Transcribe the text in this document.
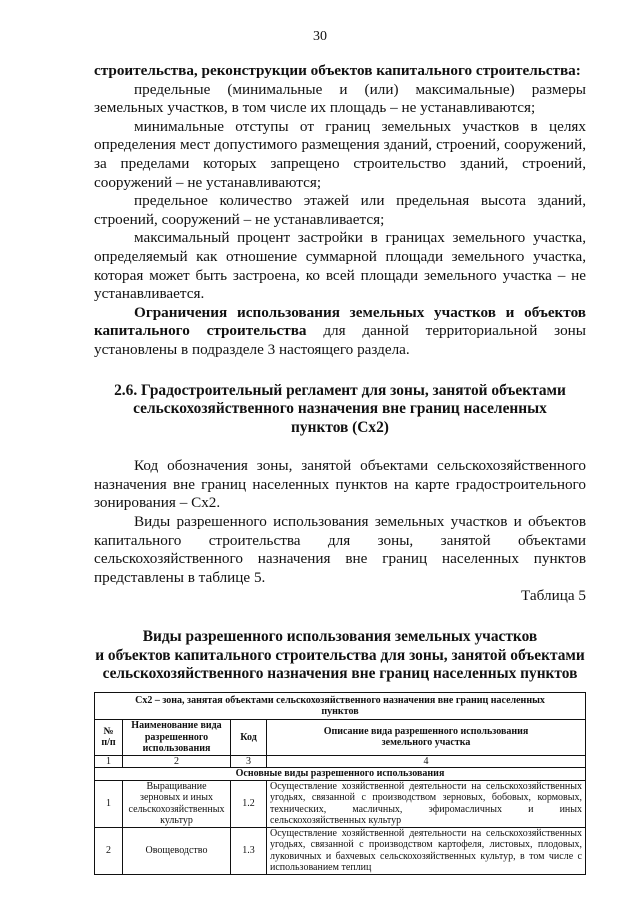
30

строительства, реконструкции объектов капитального строительства:

предельные (минимальные и (или) максимальные) размеры земельных участков, в том числе их площадь – не устанавливаются;

минимальные отступы от границ земельных участков в целях определения мест допустимого размещения зданий, строений, сооружений, за пределами которых запрещено строительство зданий, строений, сооружений – не устанавливаются;

предельное количество этажей или предельная высота зданий, строений, сооружений – не устанавливается;

максимальный процент застройки в границах земельного участка, определяемый как отношение суммарной площади земельного участка, которая может быть застроена, ко всей площади земельного участка – не устанавливается.

Ограничения использования земельных участков и объектов капитального строительства для данной территориальной зоны установлены в подразделе 3 настоящего раздела.

2.6. Градостроительный регламент для зоны, занятой объектами
сельскохозяйственного назначения вне границ населенных
пунктов (Сх2)

Код обозначения зоны, занятой объектами сельскохозяйственного назначения вне границ населенных пунктов на карте градостроительного зонирования – Сх2.

Виды разрешенного использования земельных участков и объектов капитального строительства для зоны, занятой объектами сельскохозяйственного назначения вне границ населенных пунктов представлены в таблице 5.

Таблица 5

Виды разрешенного использования земельных участков
и объектов капитального строительства для зоны, занятой объектами
сельскохозяйственного назначения вне границ населенных пунктов
Сх2 – зона, занятая объектами сельскохозяйственного назначения вне границ населенных пунктов			
№ п/п	Наименование вида разрешенного использования	Код	Описание вида разрешенного использования земельного участка
1	2	3	4
Основные виды разрешенного использования			
1	Выращивание зерновых и иных сельскохозяйственных культур	1.2	Осуществление хозяйственной деятельности на сельскохозяйственных угодьях, связанной с производством зерновых, бобовых, кормовых, технических, масличных, эфиромасличных и иных сельскохозяйственных культур
2	Овощеводство	1.3	Осуществление хозяйственной деятельности на сельскохозяйственных угодьях, связанной с производством картофеля, листовых, плодовых, луковичных и бахчевых сельскохозяйственных культур, в том числе с использованием теплиц
